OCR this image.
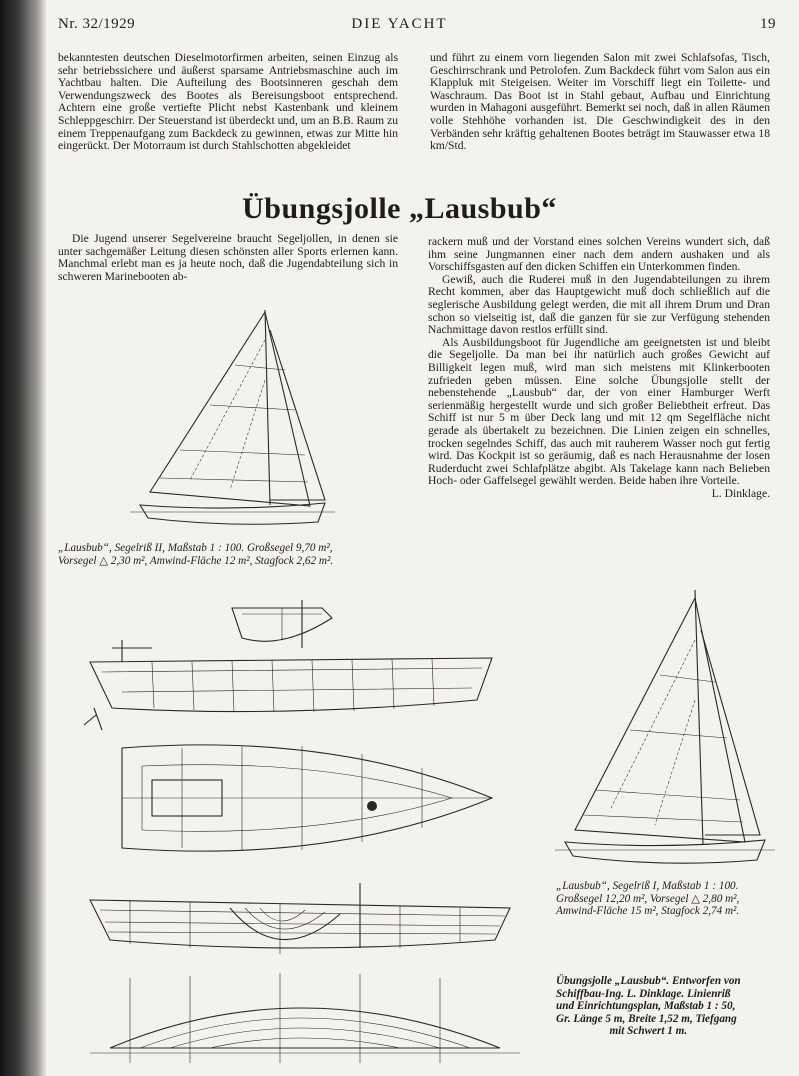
Nr. 32/1929	DIE YACHT	19

bekanntesten deutschen Dieselmotorfirmen arbeiten, seinen Einzug als sehr betriebssichere und äußerst sparsame Antriebsmaschine auch im Yachtbau halten. Die Aufteilung des Bootsinneren geschah dem Verwendungszweck des Bootes als Bereisungsboot entsprechend. Achtern eine große vertiefte Plicht nebst Kastenbank und kleinem Schleppgeschirr. Der Steuerstand ist überdeckt und, um an B.B. Raum zu einem Treppenaufgang zum Backdeck zu gewinnen, etwas zur Mitte hin eingerückt. Der Motorraum ist durch Stahlschotten abgekleidet

und führt zu einem vorn liegenden Salon mit zwei Schlafsofas, Tisch, Geschirrschrank und Petrolofen. Zum Backdeck führt vom Salon aus ein Klappluk mit Steigeisen. Weiter im Vorschiff liegt ein Toilette- und Waschraum. Das Boot ist in Stahl gebaut, Aufbau und Einrichtung wurden in Mahagoni ausgeführt. Bemerkt sei noch, daß in allen Räumen volle Stehhöhe vorhanden ist. Die Geschwindigkeit des in den Verbänden sehr kräftig gehaltenen Bootes beträgt im Stauwasser etwa 18 km/Std.

Übungsjolle „Lausbub“

Die Jugend unserer Segelvereine braucht Segeljollen, in denen sie unter sachgemäßer Leitung diesen schönsten aller Sports erlernen kann. Manchmal erlebt man es ja heute noch, daß die Jugendabteilung sich in schweren Marinebooten ab-

rackern muß und der Vorstand eines solchen Vereins wundert sich, daß ihm seine Jungmannen einer nach dem andern aushaken und als Vorschiffsgasten auf den dicken Schiffen ein Unterkommen finden.

Gewiß, auch die Ruderei muß in den Jugendabteilungen zu ihrem Recht kommen, aber das Hauptgewicht muß doch schließlich auf die seglerische Ausbildung gelegt werden, die mit all ihrem Drum und Dran schon so vielseitig ist, daß die ganzen für sie zur Verfügung stehenden Nachmittage davon restlos erfüllt sind.

Als Ausbildungsboot für Jugendliche am geeignetsten ist und bleibt die Segeljolle. Da man bei ihr natürlich auch großes Gewicht auf Billigkeit legen muß, wird man sich meistens mit Klinkerbooten zufrieden geben müssen. Eine solche Übungsjolle stellt der nebenstehende „Lausbub“ dar, der von einer Hamburger Werft serienmäßig hergestellt wurde und sich großer Beliebtheit erfreut. Das Schiff ist nur 5 m über Deck lang und mit 12 qm Segelfläche nicht gerade als übertakelt zu bezeichnen. Die Linien zeigen ein schnelles, trocken segelndes Schiff, das auch mit rauherem Wasser noch gut fertig wird. Das Kockpit ist so geräumig, daß es nach Herausnahme der losen Ruderducht zwei Schlafplätze abgibt. Als Takelage kann nach Belieben Hoch- oder Gaffelsegel gewählt werden. Beide haben ihre Vorteile.

L. Dinklage.
„Lausbub“, Segelriß II, Maßstab 1 : 100. Großsegel 9,70 m²,
Vorsegel △ 2,30 m², Amwind-Fläche 12 m², Stagfock 2,62 m².
„Lausbub“, Segelriß I, Maßstab 1 : 100.
Großsegel 12,20 m², Vorsegel △ 2,80 m²,
Amwind-Fläche 15 m², Stagfock 2,74 m².
Übungsjolle „Lausbub“. Entworfen von
Schiffbau-Ing. L. Dinklage. Linienriß
und Einrichtungsplan, Maßstab 1 : 50,
Gr. Länge 5 m, Breite 1,52 m, Tiefgang
mit Schwert 1 m.
